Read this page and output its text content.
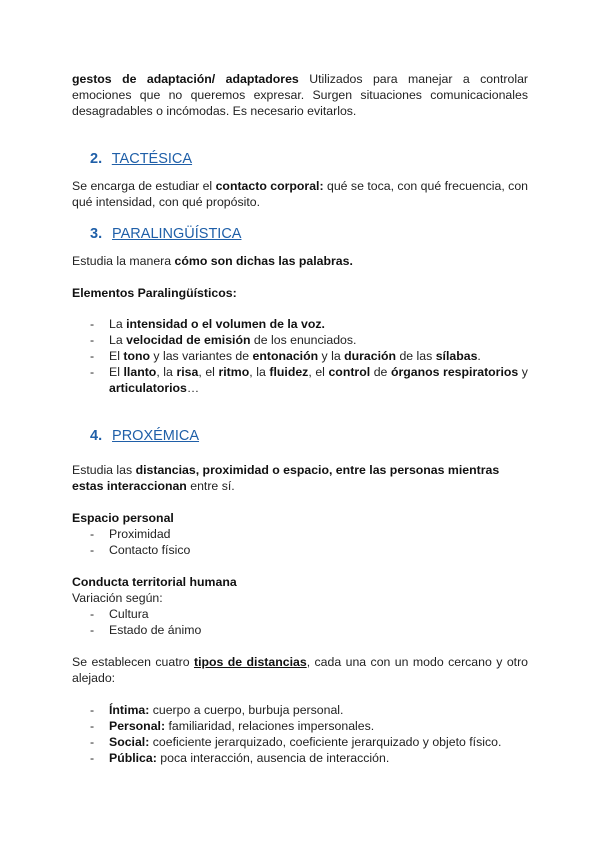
gestos de adaptación/ adaptadores Utilizados para manejar a controlar emociones que no queremos expresar. Surgen situaciones comunicacionales desagradables o incómodas. Es necesario evitarlos.
2. TACTÉSICA
Se encarga de estudiar el contacto corporal: qué se toca, con qué frecuencia, con qué intensidad, con qué propósito.
3. PARALINGÜÍSTICA
Estudia la manera cómo son dichas las palabras.
Elementos Paralingüísticos:
- La intensidad o el volumen de la voz.
- La velocidad de emisión de los enunciados.
- El tono y las variantes de entonación y la duración de las sílabas.
- El llanto, la risa, el ritmo, la fluidez, el control de órganos respiratorios y articulatorios…
4. PROXÉMICA
Estudia las distancias, proximidad o espacio, entre las personas mientras estas interaccionan entre sí.
Espacio personal
- Proximidad
- Contacto físico
Conducta territorial humana
Variación según:
- Cultura
- Estado de ánimo
Se establecen cuatro tipos de distancias, cada una con un modo cercano y otro alejado:
- Íntima: cuerpo a cuerpo, burbuja personal.
- Personal: familiaridad, relaciones impersonales.
- Social: coeficiente jerarquizado, coeficiente jerarquizado y objeto físico.
- Pública: poca interacción, ausencia de interacción.
